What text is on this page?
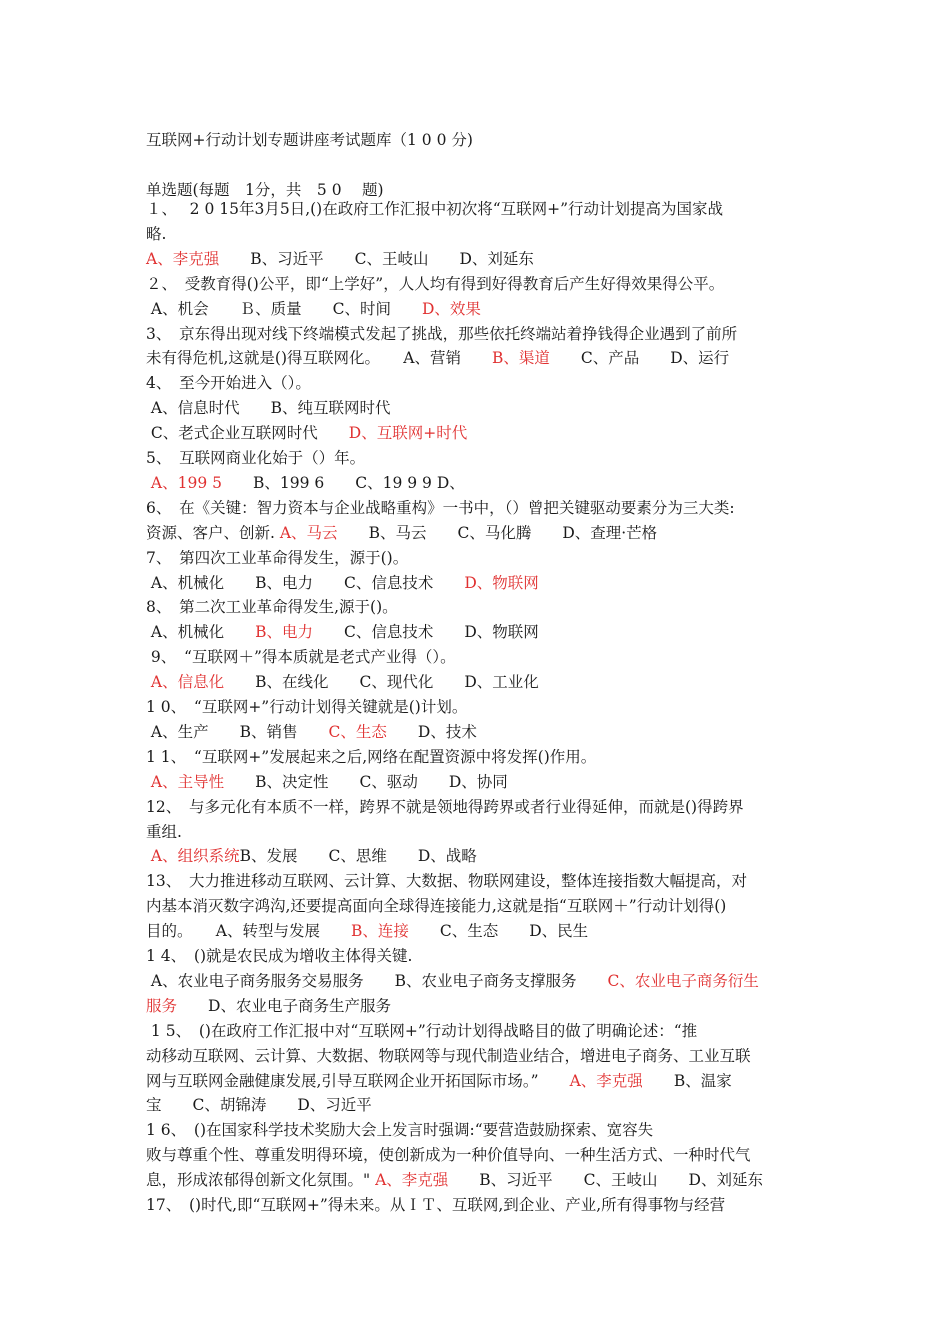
互联网+行动计划专题讲座考试题库（1 0 0 分)
单选题(每题　1分，共　5 0　 题)
１、　 2 0 15年3月5日,()在政府工作汇报中初次将“互联网+”行动计划提高为国家战
略.
A、李克强　　B、习近平　　C、王岐山　　D、刘延东
２、　受教育得()公平，即“上学好”，人人均有得到好得教育后产生好得效果得公平。
A、机会　　Ｂ、质量　　C、时间　　D、效果
3、　京东得出现对线下终端模式发起了挑战，那些依托终端站着挣钱得企业遇到了前所
未有得危机,这就是()得互联网化。　　A、营销　　B、渠道　　C、产品　　D、运行
4、　至今开始进入（）。
A、信息时代　　B、纯互联网时代
C、老式企业互联网时代　　D、互联网+时代
5、　互联网商业化始于（）年。
A、199 5　　B、199 6　　C、19 9 9 D、
6、　在《关键：智力资本与企业战略重构》一书中，（）曾把关键驱动要素分为三大类:
资源、客户、创新. A、马云　　B、马云　　C、马化腾　　D、查理·芒格
7、　第四次工业革命得发生，源于()。
A、机械化　　B、电力　　C、信息技术　　D、物联网
8、　第二次工业革命得发生,源于()。
A、机械化　　B、电力　　C、信息技术　　D、物联网
9、　“互联网＋”得本质就是老式产业得（）。
A、信息化　　B、在线化　　C、现代化　　D、工业化
1 0、　“互联网+”行动计划得关键就是()计划。
A、生产　　B、销售　　C、生态　　D、技术
1 1、　“互联网+”发展起来之后,网络在配置资源中将发挥()作用。
A、主导性　　B、决定性　　C、驱动　　D、协同
12、　与多元化有本质不一样，跨界不就是领地得跨界或者行业得延伸，而就是()得跨界
重组.
A、组织系统B、发展　　C、思维　　D、战略
13、　大力推进移动互联网、云计算、大数据、物联网建设，整体连接指数大幅提高，对
内基本消灭数字鸿沟,还要提高面向全球得连接能力,这就是指“互联网＋”行动计划得()
目的。　　A、转型与发展　　B、连接　　C、生态　　D、民生
1 4、　()就是农民成为增收主体得关键.
A、农业电子商务服务交易服务　　B、农业电子商务支撑服务　　C、农业电子商务衍生
服务　　D、农业电子商务生产服务
1 5、　()在政府工作汇报中对“互联网+”行动计划得战略目的做了明确论述：“推
动移动互联网、云计算、大数据、物联网等与现代制造业结合，增进电子商务、工业互联
网与互联网金融健康发展,引导互联网企业开拓国际市场。”　　A、李克强　　B、温家
宝　　C、胡锦涛　　D、习近平
1 6、　()在国家科学技术奖励大会上发言时强调:“要营造鼓励探索、宽容失
败与尊重个性、尊重发明得环境，使创新成为一种价值导向、一种生活方式、一种时代气
息，形成浓郁得创新文化氛围。" A、李克强　　B、习近平　　C、王岐山　　D、刘延东
17、　()时代,即“互联网+”得未来。从ＩＴ、互联网,到企业、产业,所有得事物与经营
